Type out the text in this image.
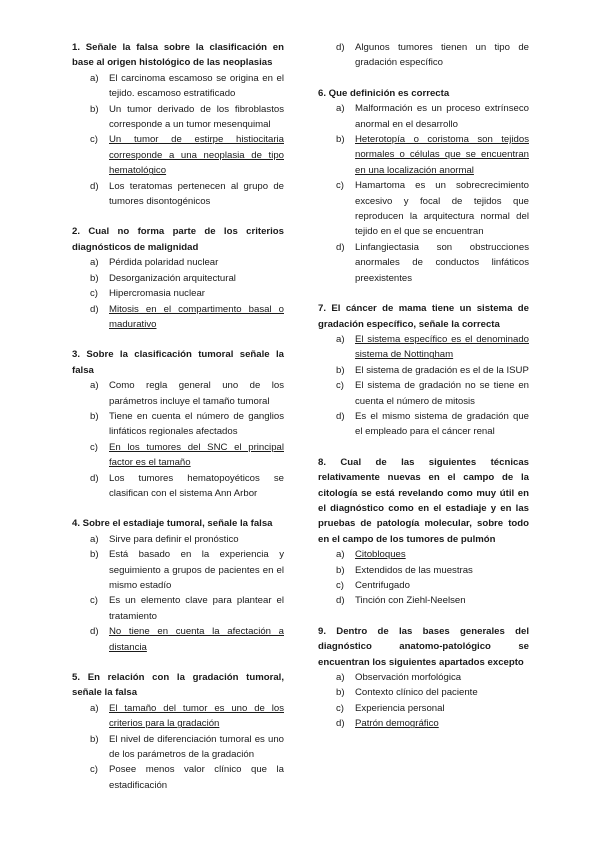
1. Señale la falsa sobre la clasificación en base al origen histológico de las neoplasias
a)	El carcinoma escamoso se origina en el tejido. escamoso estratificado
b)	Un tumor derivado de los fibroblastos corresponde a un tumor mesenquimal
c)	Un tumor de estirpe histiocitaria corresponde a una neoplasia de tipo hematológico
d)	Los teratomas pertenecen al grupo de tumores disontogénicos
2. Cual no forma parte de los criterios diagnósticos de malignidad
a)	Pérdida polaridad nuclear
b)	Desorganización arquitectural
c)	Hipercromasia nuclear
d)	Mitosis en el compartimento basal o madurativo
3. Sobre la clasificación tumoral señale la falsa
a)	Como regla general uno de los parámetros incluye el tamaño tumoral
b)	Tiene en cuenta el número de ganglios linfáticos regionales afectados
c)	En los tumores del SNC el principal factor es el tamaño
d)	Los tumores hematopoyéticos se clasifican con el sistema Ann Arbor
4. Sobre el estadiaje tumoral, señale la falsa
a)	Sirve para definir el pronóstico
b)	Está basado en la experiencia y seguimiento a grupos de pacientes en el mismo estadío
c)	Es un elemento clave para plantear el tratamiento
d)	No tiene en cuenta la afectación a distancia
5. En relación con la gradación tumoral, señale la falsa
a)	El tamaño del tumor es uno de los criterios para la gradación
b)	El nivel de diferenciación tumoral es uno de los parámetros de la gradación
c)	Posee menos valor clínico que la estadificación
d)	Algunos tumores tienen un tipo de gradación específico
6. Que definición es correcta
a)	Malformación es un proceso extrínseco anormal en el desarrollo
b)	Heterotopía o coristoma son tejidos normales o células que se encuentran en una localización anormal
c)	Hamartoma es un sobrecrecimiento excesivo y focal de tejidos que reproducen la arquitectura normal del tejido en el que se encuentran
d)	Linfangiectasia son obstrucciones anormales de conductos linfáticos preexistentes
7. El cáncer de mama tiene un sistema de gradación específico, señale la correcta
a)	El sistema específico es el denominado sistema de Nottingham
b)	El sistema de gradación es el de la ISUP
c)	El sistema de gradación no se tiene en cuenta el número de mitosis
d)	Es el mismo sistema de gradación que el empleado para el cáncer renal
8. Cual de las siguientes técnicas relativamente nuevas en el campo de la citología se está revelando como muy útil en el diagnóstico como en el estadiaje y en las pruebas de patología molecular, sobre todo en el campo de los tumores de pulmón
a)	Citobloques
b)	Extendidos de las muestras
c)	Centrifugado
d)	Tinción con Ziehl-Neelsen
9. Dentro de las bases generales del diagnóstico anatomo-patológico se encuentran los siguientes apartados excepto
a)	Observación morfológica
b)	Contexto clínico del paciente
c)	Experiencia personal
d)	Patrón demográfico
